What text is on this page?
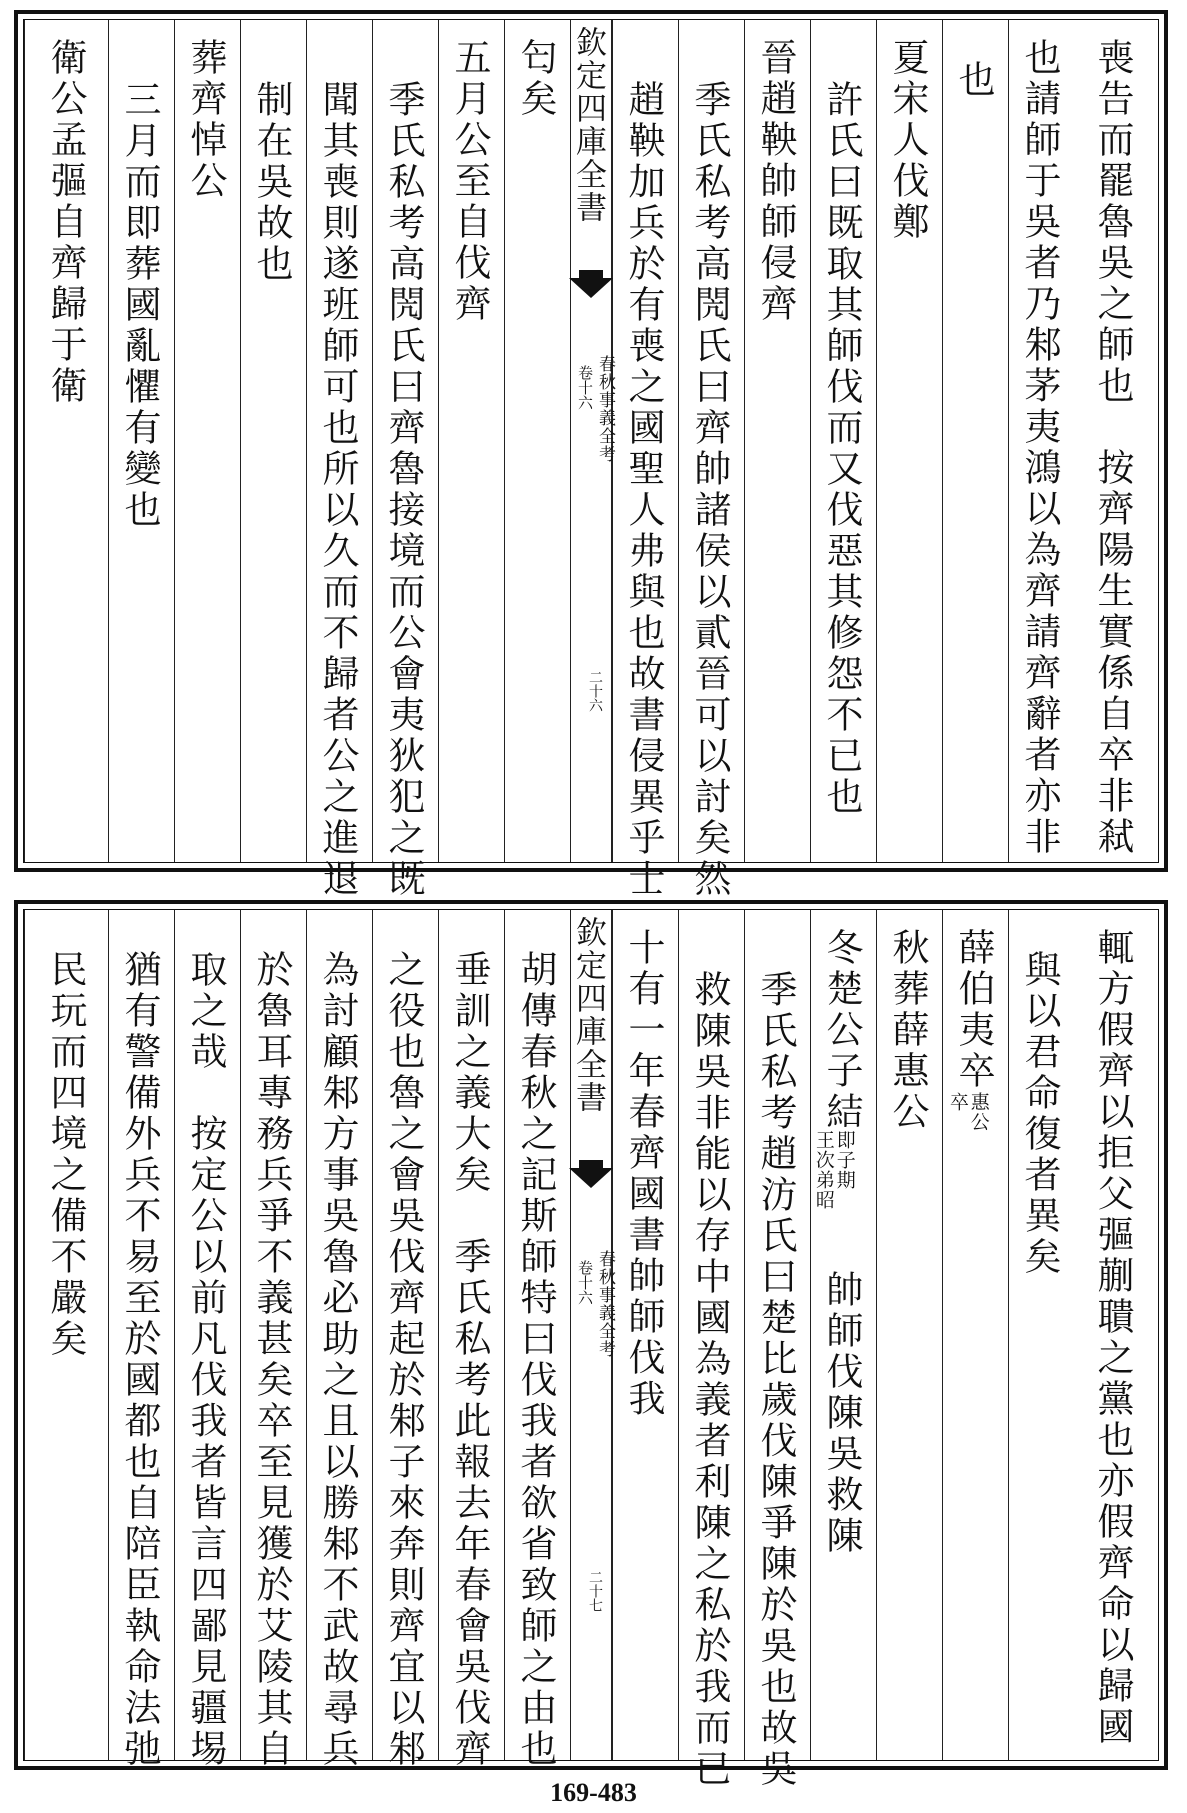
喪告而罷魯吳之師也　按齊陽生實係自卒非弒
也請師于吳者乃邾茅夷鴻以為齊請齊辭者亦非
也
夏宋人伐鄭
許氏曰既取其師伐而又伐惡其修怨不已也
晉趙鞅帥師侵齊
季氏私考高閌氏曰齊帥諸侯以貳晉可以討矣然
趙鞅加兵於有喪之國聖人弗與也故書侵異乎士
欽定四庫全書
春秋事義全考
卷十六
二十六
匄矣
五月公至自伐齊
季氏私考高閌氏曰齊魯接境而公會夷狄犯之既
聞其喪則遂班師可也所以久而不歸者公之進退
制在吳故也
葬齊悼公
三月而即葬國亂懼有變也
衛公孟彄自齊歸于衛
輒方假齊以拒父彄蒯聵之黨也亦假齊命以歸國
與以君命復者異矣
薛伯夷卒
惠公
卒
秋葬薛惠公
冬楚公子結
即子期
王次弟昭
帥師伐陳吳救陳
季氏私考趙汸氏曰楚比歲伐陳爭陳於吳也故吳
救陳吳非能以存中國為義者利陳之私於我而已
十有一年春齊國書帥師伐我
欽定四庫全書
春秋事義全考
卷十六
二十七
胡傳春秋之記斯師特曰伐我者欲省致師之由也
垂訓之義大矣　季氏私考此報去年春會吳伐齊
之役也魯之會吳伐齊起於邾子來奔則齊宜以邾
為討顧邾方事吳魯必助之且以勝邾不武故尋兵
於魯耳專務兵爭不義甚矣卒至見獲於艾陵其自
取之哉　按定公以前凡伐我者皆言四鄙見疆埸
猶有警備外兵不易至於國都也自陪臣執命法弛
民玩而四境之備不嚴矣
169-483
